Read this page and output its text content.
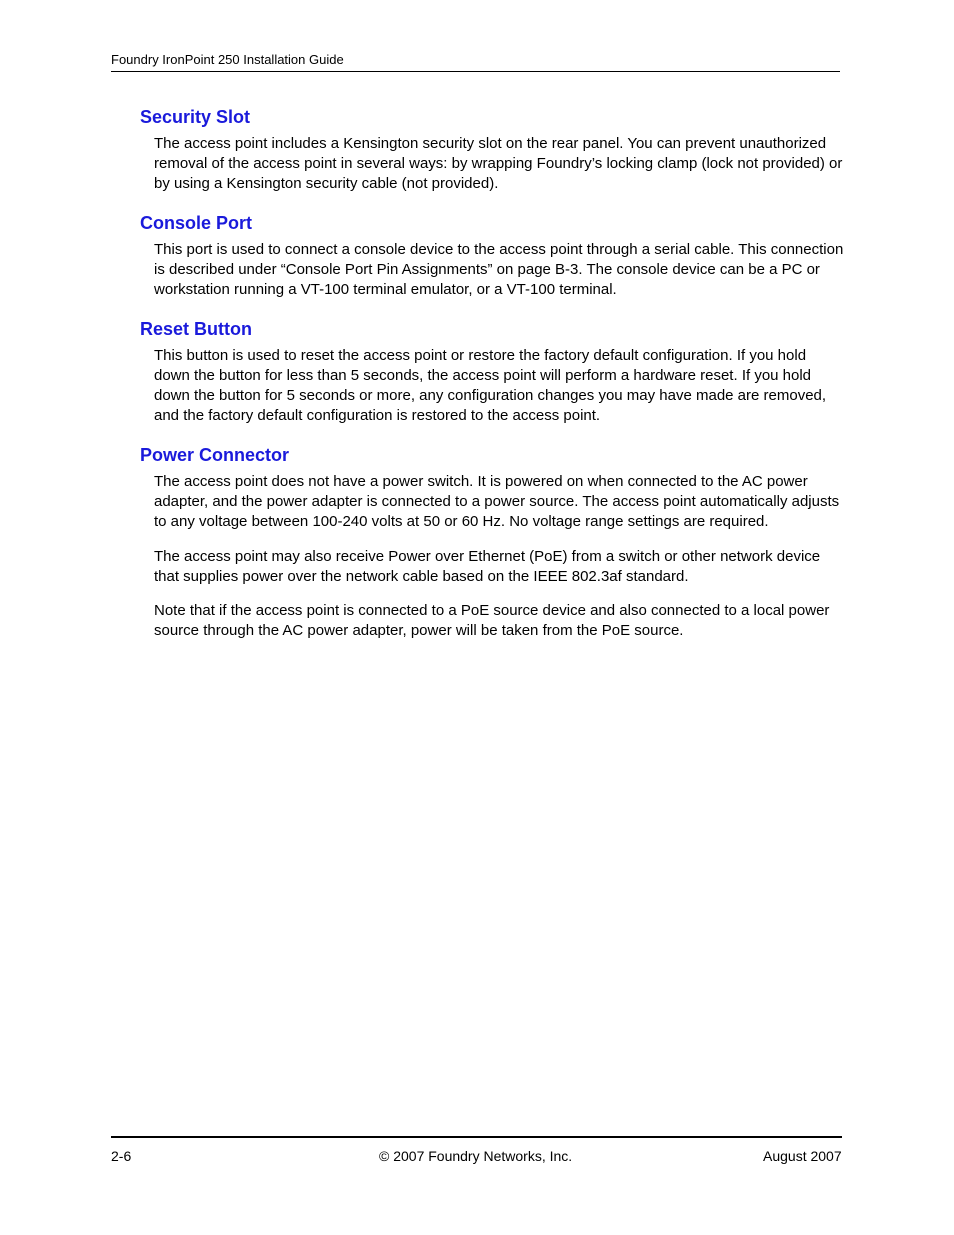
Foundry IronPoint 250 Installation Guide
Security Slot

The access point includes a Kensington security slot on the rear panel. You can prevent unauthorized removal of the access point in several ways: by wrapping Foundry’s locking clamp (lock not provided) or by using a Kensington security cable (not provided).

Console Port

This port is used to connect a console device to the access point through a serial cable. This connection is described under “Console Port Pin Assignments” on page B-3. The console device can be a PC or workstation running a VT-100 terminal emulator, or a VT-100 terminal.

Reset Button

This button is used to reset the access point or restore the factory default configuration. If you hold down the button for less than 5 seconds, the access point will perform a hardware reset. If you hold down the button for 5 seconds or more, any configuration changes you may have made are removed, and the factory default configuration is restored to the access point.

Power Connector

The access point does not have a power switch. It is powered on when connected to the AC power adapter, and the power adapter is connected to a power source. The access point automatically adjusts to any voltage between 100-240 volts at 50 or 60 Hz. No voltage range settings are required.

The access point may also receive Power over Ethernet (PoE) from a switch or other network device that supplies power over the network cable based on the IEEE 802.3af standard.

Note that if the access point is connected to a PoE source device and also connected to a local power source through the AC power adapter, power will be taken from the PoE source.

2-6	© 2007 Foundry Networks, Inc.	August 2007
